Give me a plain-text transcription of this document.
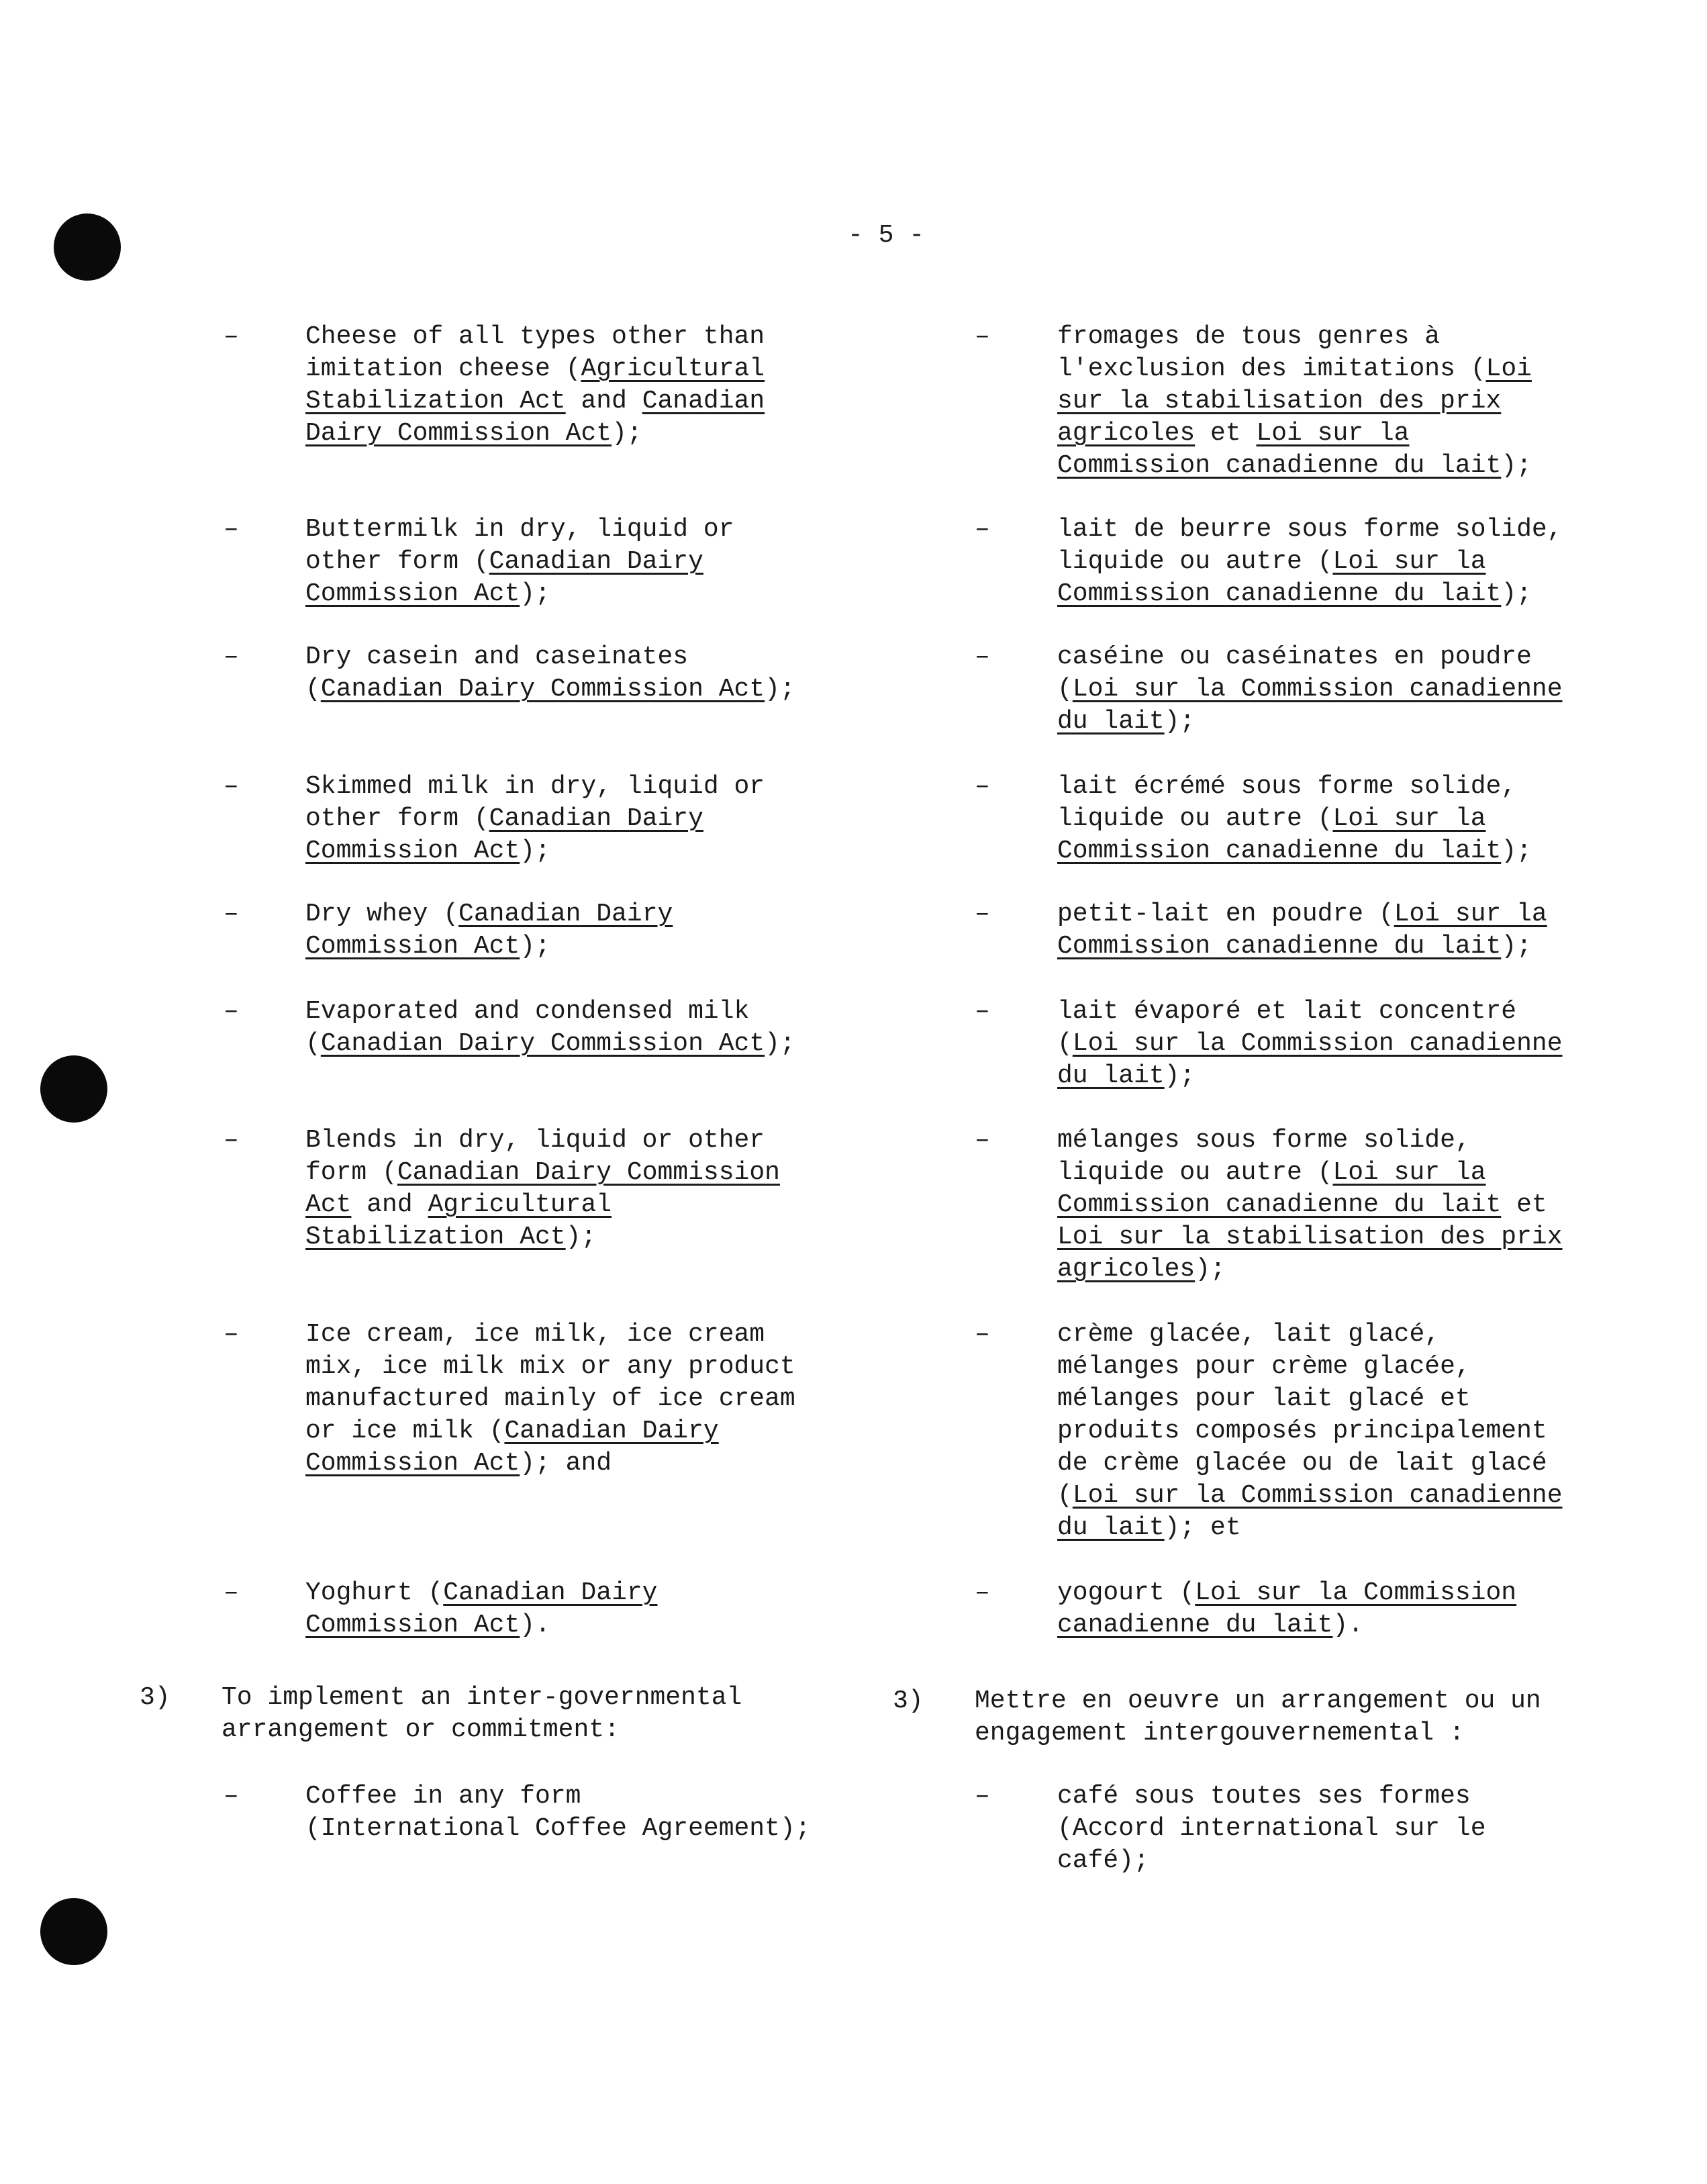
- 5 -
–	Cheese of all types other than
imitation cheese (Agricultural
Stabilization Act and Canadian
Dairy Commission Act);
–	Buttermilk in dry, liquid or
other form (Canadian Dairy
Commission Act);
–	Dry casein and caseinates
(Canadian Dairy Commission Act);
–	Skimmed milk in dry, liquid or
other form (Canadian Dairy
Commission Act);
–	Dry whey (Canadian Dairy
Commission Act);
–	Evaporated and condensed milk
(Canadian Dairy Commission Act);
–	Blends in dry, liquid or other
form (Canadian Dairy Commission
Act and Agricultural
Stabilization Act);
–	Ice cream, ice milk, ice cream
mix, ice milk mix or any product
manufactured mainly of ice cream
or ice milk (Canadian Dairy
Commission Act); and
–	Yoghurt (Canadian Dairy
Commission Act).
–	fromages de tous genres à
l'exclusion des imitations (Loi
sur la stabilisation des prix
agricoles et Loi sur la
Commission canadienne du lait);
–	lait de beurre sous forme solide,
liquide ou autre (Loi sur la
Commission canadienne du lait);
–	caséine ou caséinates en poudre
(Loi sur la Commission canadienne
du lait);
–	lait écrémé sous forme solide,
liquide ou autre (Loi sur la
Commission canadienne du lait);
–	petit-lait en poudre (Loi sur la
Commission canadienne du lait);
–	lait évaporé et lait concentré
(Loi sur la Commission canadienne
du lait);
–	mélanges sous forme solide,
liquide ou autre (Loi sur la
Commission canadienne du lait et
Loi sur la stabilisation des prix
agricoles);
–	crème glacée, lait glacé,
mélanges pour crème glacée,
mélanges pour lait glacé et
produits composés principalement
de crème glacée ou de lait glacé
(Loi sur la Commission canadienne
du lait); et
–	yogourt (Loi sur la Commission
canadienne du lait).
3) To implement an inter-governmental
arrangement or commitment:
3) Mettre en oeuvre un arrangement ou un
engagement intergouvernemental :
–	Coffee in any form
(International Coffee Agreement);
–	café sous toutes ses formes
(Accord international sur le
café);
